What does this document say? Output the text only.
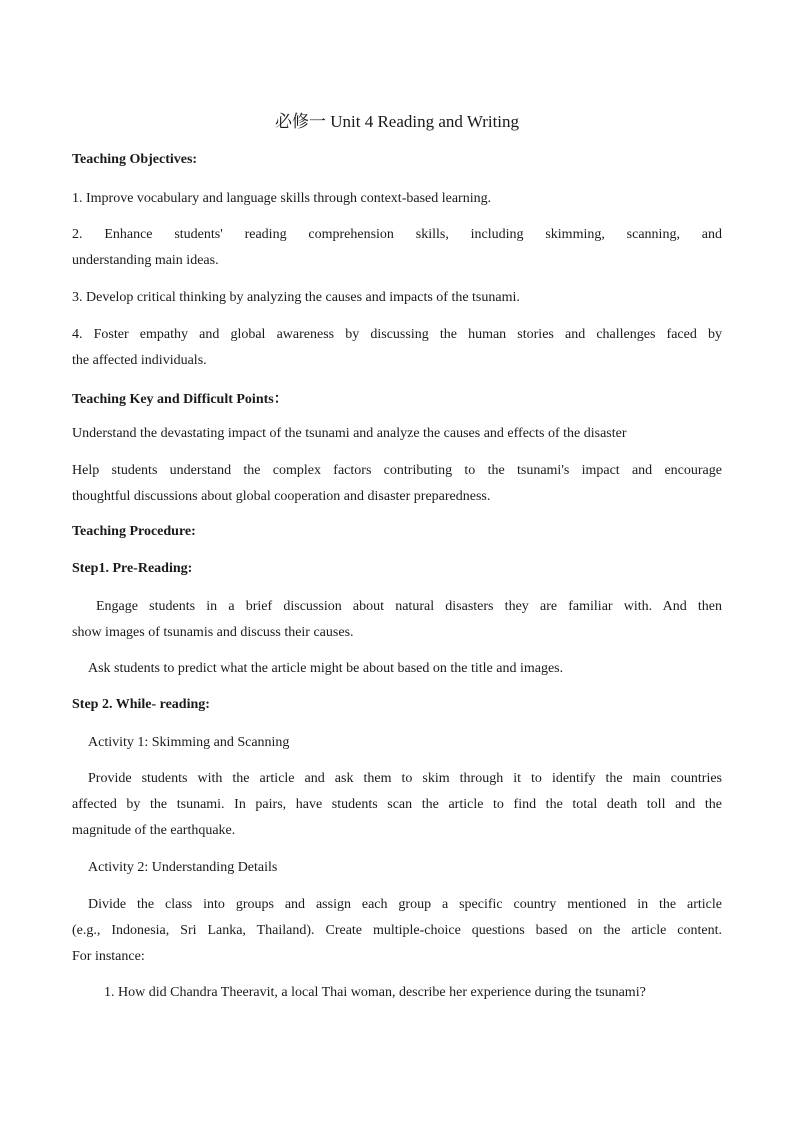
必修一 Unit 4 Reading and Writing
Teaching Objectives:
1. Improve vocabulary and language skills through context-based learning.
2. Enhance students' reading comprehension skills, including skimming, scanning, and
understanding main ideas.
3. Develop critical thinking by analyzing the causes and impacts of the tsunami.
4. Foster empathy and global awareness by discussing the human stories and challenges faced by
the affected individuals.
Teaching Key and Difficult Points：
Understand the devastating impact of the tsunami and analyze the causes and effects of the disaster
Help students understand the complex factors contributing to the tsunami's impact and encourage
thoughtful discussions about global cooperation and disaster preparedness.
Teaching Procedure:
Step1. Pre-Reading:
Engage students in a brief discussion about natural disasters they are familiar with. And then
show images of tsunamis and discuss their causes.
Ask students to predict what the article might be about based on the title and images.
Step 2. While- reading:
Activity 1: Skimming and Scanning
Provide students with the article and ask them to skim through it to identify the main countries
affected by the tsunami. In pairs, have students scan the article to find the total death toll and the
magnitude of the earthquake.
Activity 2: Understanding Details
Divide the class into groups and assign each group a specific country mentioned in the article
(e.g., Indonesia, Sri Lanka, Thailand). Create multiple-choice questions based on the article content.
For instance:
1. How did Chandra Theeravit, a local Thai woman, describe her experience during the tsunami?
